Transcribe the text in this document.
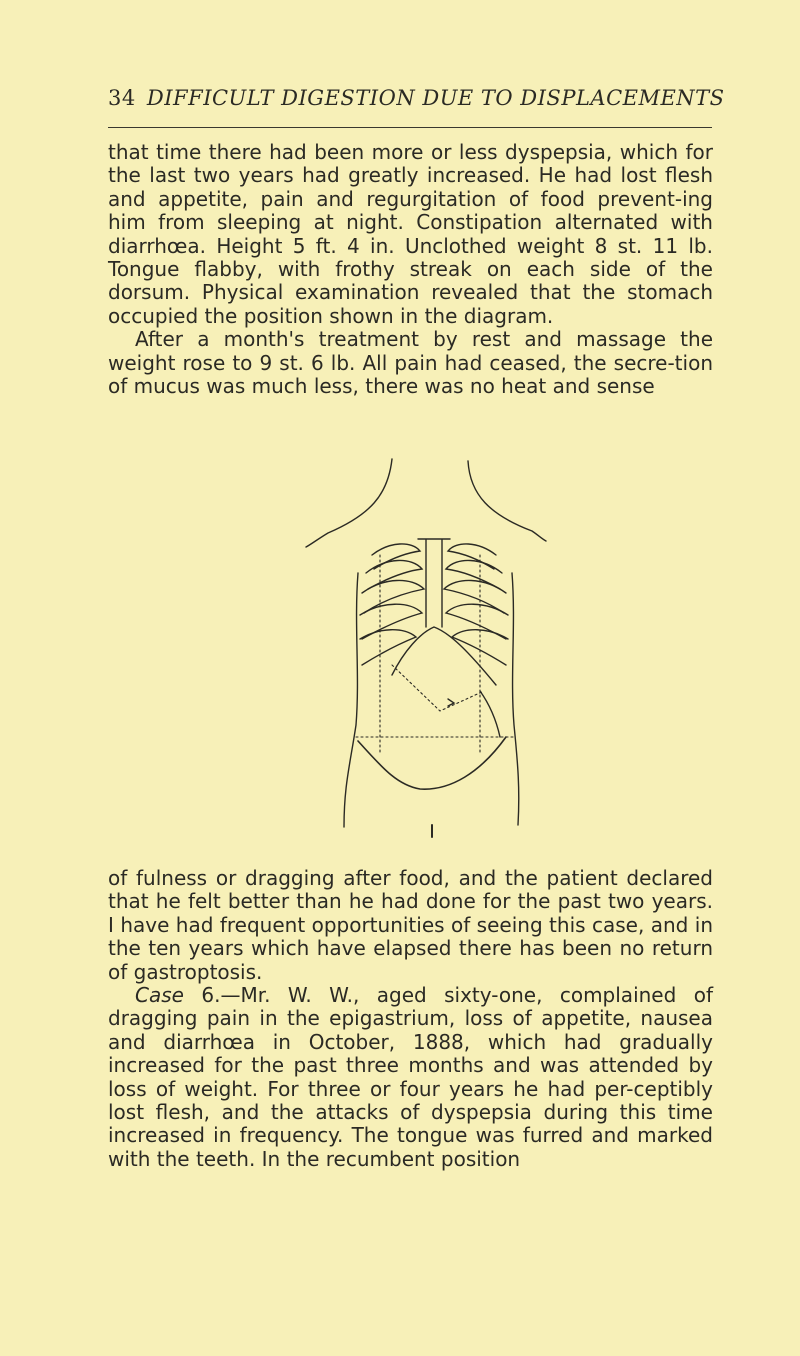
34 DIFFICULT DIGESTION DUE TO DISPLACEMENTS

that time there had been more or less dyspepsia, which for the last two years had greatly increased. He had lost flesh and appetite, pain and regurgitation of food prevent-ing him from sleeping at night. Constipation alternated with diarrhœa. Height 5 ft. 4 in. Unclothed weight 8 st. 11 lb. Tongue flabby, with frothy streak on each side of the dorsum. Physical examination revealed that the stomach occupied the position shown in the diagram.

After a month's treatment by rest and massage the weight rose to 9 st. 6 lb. All pain had ceased, the secre-tion of mucus was much less, there was no heat and sense

of fulness or dragging after food, and the patient declared that he felt better than he had done for the past two years. I have had frequent opportunities of seeing this case, and in the ten years which have elapsed there has been no return of gastroptosis.

Case 6.—Mr. W. W., aged sixty-one, complained of dragging pain in the epigastrium, loss of appetite, nausea and diarrhœa in October, 1888, which had gradually increased for the past three months and was attended by loss of weight. For three or four years he had per-ceptibly lost flesh, and the attacks of dyspepsia during this time increased in frequency. The tongue was furred and marked with the teeth. In the recumbent position
